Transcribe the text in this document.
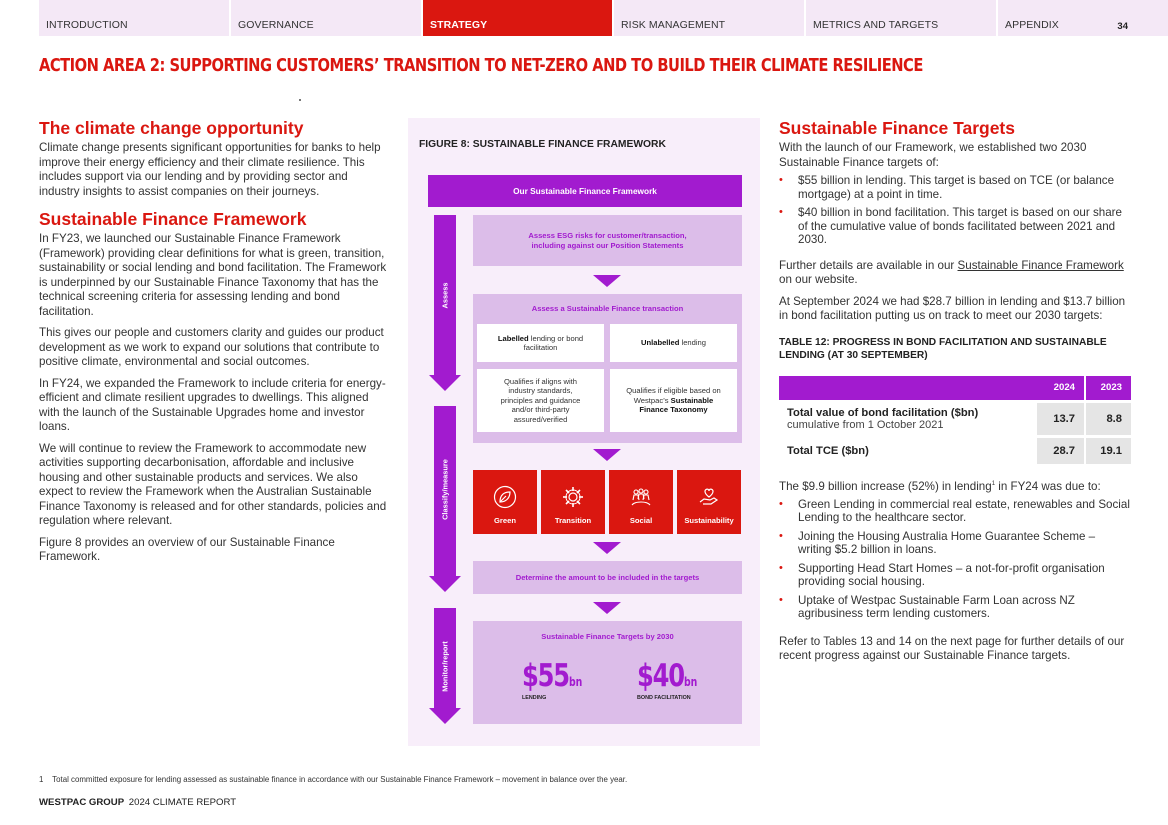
INTRODUCTION	GOVERNANCE	STRATEGY	RISK MANAGEMENT	METRICS AND TARGETS	APPENDIX	34
ACTION AREA 2: SUPPORTING CUSTOMERS’ TRANSITION TO NET-ZERO AND TO BUILD THEIR CLIMATE RESILIENCE
The climate change opportunity

Climate change presents significant opportunities for banks to help improve their energy efficiency and their climate resilience. This includes support via our lending and by providing sector and industry insights to assist companies on their journeys.

Sustainable Finance Framework

In FY23, we launched our Sustainable Finance Framework (Framework) providing clear definitions for what is green, transition, sustainability or social lending and bond facilitation. The Framework is underpinned by our Sustainable Finance Taxonomy that has the technical screening criteria for assessing lending and bond facilitation.

This gives our people and customers clarity and guides our product development as we work to expand our solutions that contribute to positive climate, environmental and social outcomes.

In FY24, we expanded the Framework to include criteria for energy-efficient and climate resilient upgrades to dwellings. This aligned with the launch of the Sustainable Upgrades home and investor loans.

We will continue to review the Framework to accommodate new activities supporting decarbonisation, affordable and inclusive housing and other sustainable products and services. We also expect to review the Framework when the Australian Sustainable Finance Taxonomy is released and for other standards, policies and regulation where relevant.

Figure 8 provides an overview of our Sustainable Finance Framework.

FIGURE 8: SUSTAINABLE FINANCE FRAMEWORK
Our Sustainable Finance Framework
Assess
Classify/measure
Monitor/report
Assess ESG risks for customer/transaction, including against our Position Statements
Assess a Sustainable Finance transaction
Labelled lending or bond facilitation
Unlabelled lending
Qualifies if aligns with industry standards, principles and guidance and/or third-party assured/verified
Qualifies if eligible based on Westpac’s Sustainable Finance Taxonomy
Green	Transition	Social	Sustainability
Determine the amount to be included in the targets
Sustainable Finance Targets by 2030
$55bn
LENDING
$40bn
BOND FACILITATION
Sustainable Finance Targets

With the launch of our Framework, we established two 2030 Sustainable Finance targets of:

• $55 billion in lending. This target is based on TCE (or balance mortgage) at a point in time.
• $40 billion in bond facilitation. This target is based on our share of the cumulative value of bonds facilitated between 2021 and 2030.

Further details are available in our Sustainable Finance Framework on our website.

At September 2024 we had $28.7 billion in lending and $13.7 billion in bond facilitation putting us on track to meet our 2030 targets:

TABLE 12: PROGRESS IN BOND FACILITATION AND SUSTAINABLE LENDING (AT 30 SEPTEMBER)
	2024	2023
Total value of bond facilitation ($bn)
cumulative from 1 October 2021	13.7	8.8
Total TCE ($bn)	28.7	19.1

The $9.9 billion increase (52%) in lending$^1$ in FY24 was due to:

• Green Lending in commercial real estate, renewables and Social Lending to the healthcare sector.
• Joining the Housing Australia Home Guarantee Scheme – writing $5.2 billion in loans.
• Supporting Head Start Homes – a not-for-profit organisation providing social housing.
• Uptake of Westpac Sustainable Farm Loan across NZ agribusiness term lending customers.

Refer to Tables 13 and 14 on the next page for further details of our recent progress against our Sustainable Finance targets.

1 Total committed exposure for lending assessed as sustainable finance in accordance with our Sustainable Finance Framework – movement in balance over the year.
WESTPAC GROUP 2024 CLIMATE REPORT
